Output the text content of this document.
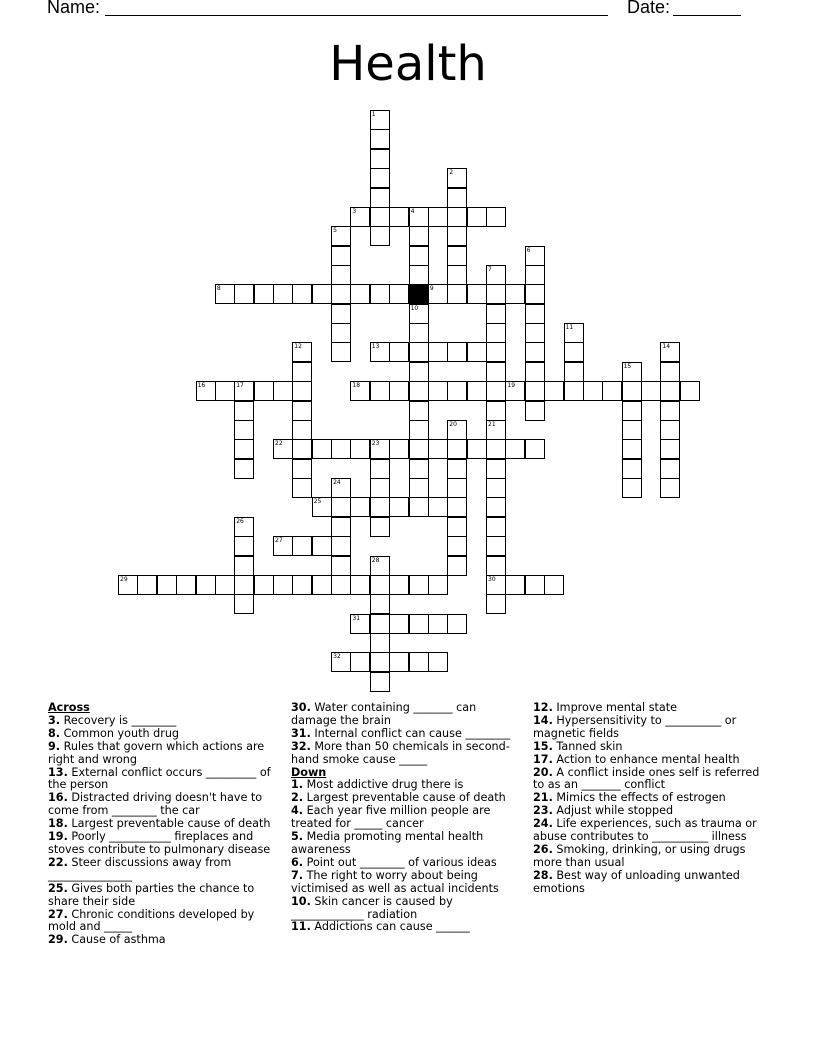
Name:	Date:
Health
1
2
3	4
10
5
6
7
21
8	9
11
12	13	14
15
16	17	18	19
20
30
22	23
24
25
26
27
28
29
31
32
Across
3. Recovery is ________
8. Common youth drug
9. Rules that govern which actions are right and wrong
13. External conflict occurs _________ of the person
16. Distracted driving doesn't have to come from ________ the car
18. Largest preventable cause of death
19. Poorly ___________ fireplaces and stoves contribute to pulmonary disease
22. Steer discussions away from _______________
25. Gives both parties the chance to share their side
27. Chronic conditions developed by mold and _____
29. Cause of asthma
30. Water containing _______ can damage the brain
31. Internal conflict can cause ________
32. More than 50 chemicals in second-hand smoke cause _____
Down
1. Most addictive drug there is
2. Largest preventable cause of death
4. Each year five million people are treated for _____ cancer
5. Media promoting mental health awareness
6. Point out ________ of various ideas
7. The right to worry about being victimised as well as actual incidents
10. Skin cancer is caused by _____________ radiation
11. Addictions can cause ______
12. Improve mental state
14. Hypersensitivity to __________ or magnetic fields
15. Tanned skin
17. Action to enhance mental health
20. A conflict inside ones self is referred to as an _______ conflict
21. Mimics the effects of estrogen
23. Adjust while stopped
24. Life experiences, such as trauma or abuse contributes to __________ illness
26. Smoking, drinking, or using drugs more than usual
28. Best way of unloading unwanted emotions
